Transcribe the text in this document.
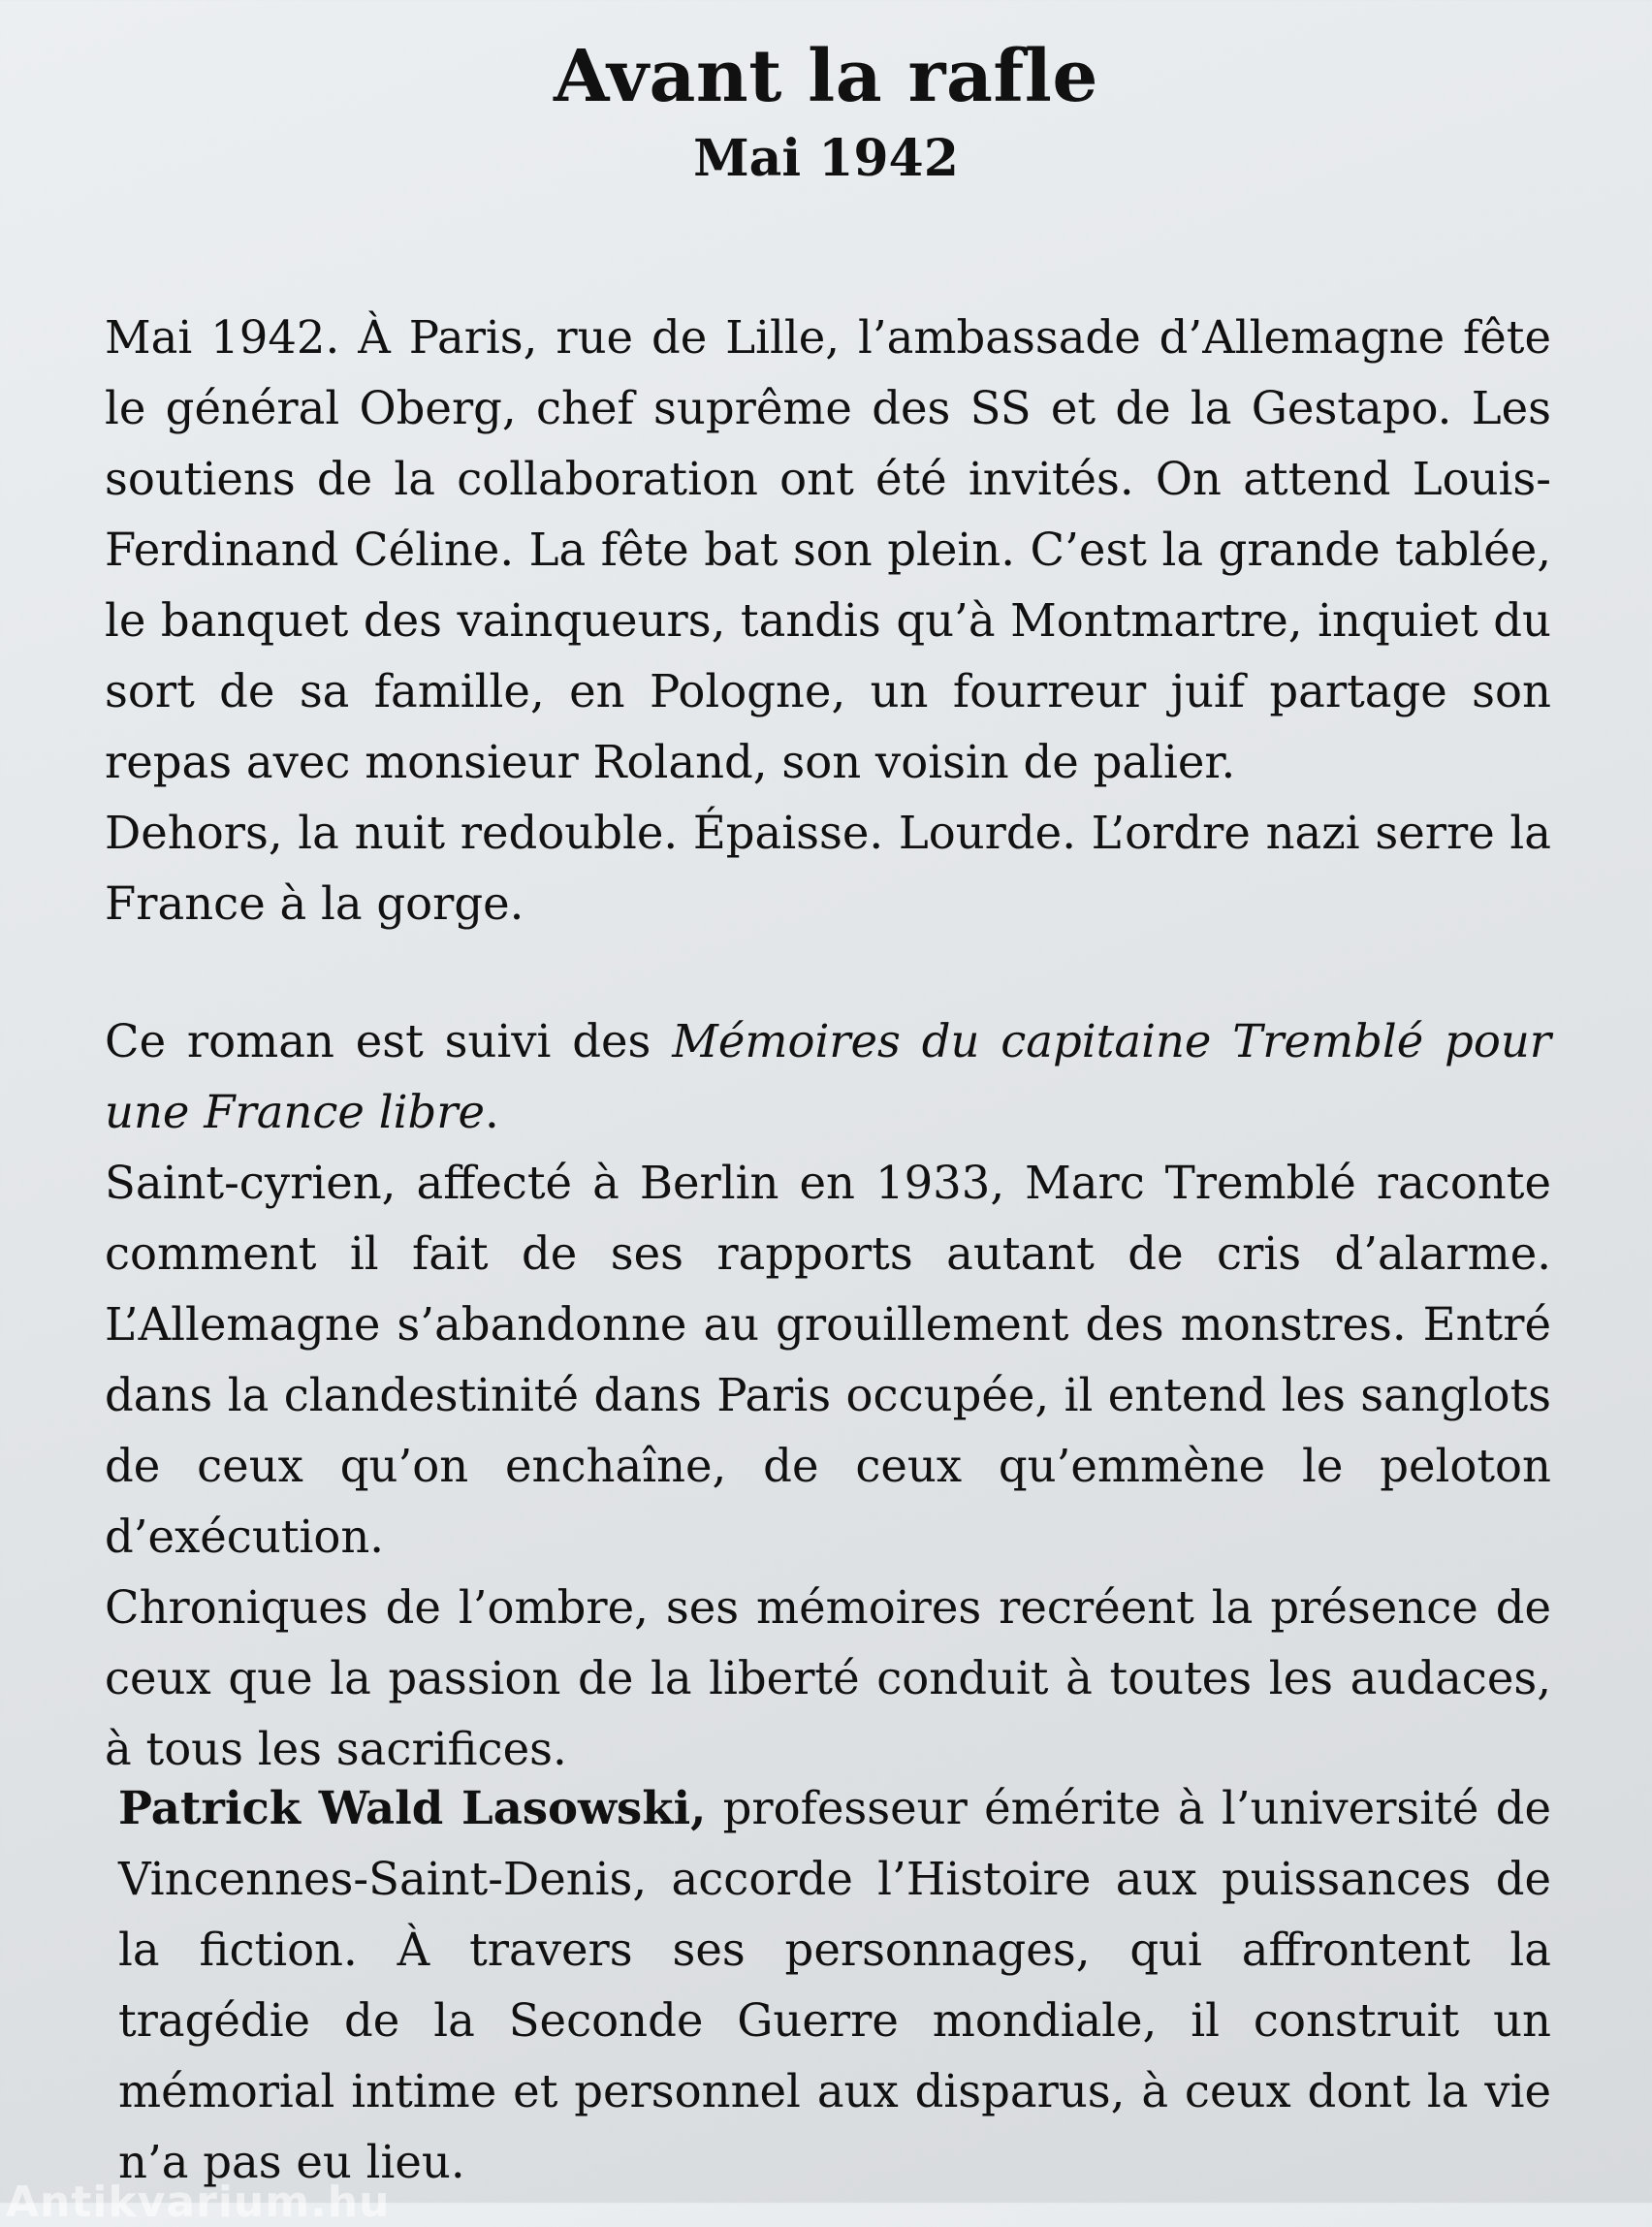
Avant la rafle
Mai 1942

Mai 1942. À Paris, rue de Lille, l’ambassade d’Allemagne fête le général Oberg, chef suprême des SS et de la Gestapo. Les soutiens de la collaboration ont été invités. On attend Louis-Ferdinand Céline. La fête bat son plein. C’est la grande tablée, le banquet des vainqueurs, tandis qu’à Montmartre, inquiet du sort de sa famille, en Pologne, un fourreur juif partage son repas avec monsieur Roland, son voisin de palier.

Dehors, la nuit redouble. Épaisse. Lourde. L’ordre nazi serre la France à la gorge.

Ce roman est suivi des Mémoires du capitaine Tremblé pour une France libre.

Saint-cyrien, affecté à Berlin en 1933, Marc Tremblé raconte comment il fait de ses rapports autant de cris d’alarme. L’Allemagne s’abandonne au grouillement des monstres. Entré dans la clandestinité dans Paris occupée, il entend les sanglots de ceux qu’on enchaîne, de ceux qu’emmène le peloton d’exécution.

Chroniques de l’ombre, ses mémoires recréent la présence de ceux que la passion de la liberté conduit à toutes les audaces, à tous les sacrifices.

Patrick Wald Lasowski, professeur émérite à l’université de Vincennes-Saint-Denis, accorde l’Histoire aux puissances de la fiction. À travers ses personnages, qui affrontent la tragédie de la Seconde Guerre mondiale, il construit un mémorial intime et personnel aux disparus, à ceux dont la vie n’a pas eu lieu.

Antikvarium.hu
